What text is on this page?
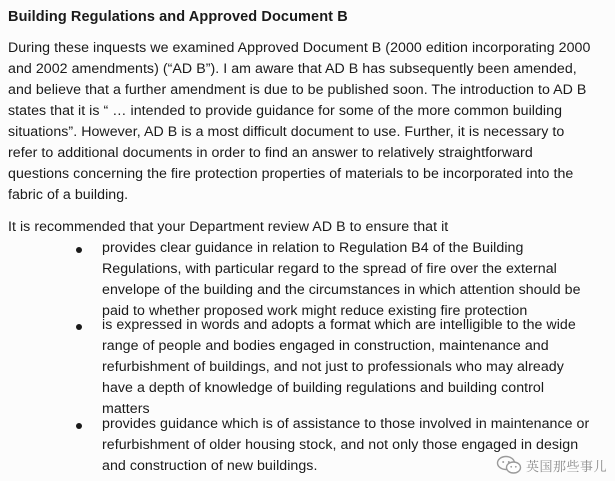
Building Regulations and Approved Document B
During these inquests we examined Approved Document B (2000 edition incorporating 2000
and 2002 amendments) (“AD B”). I am aware that AD B has subsequently been amended,
and believe that a further amendment is due to be published soon. The introduction to AD B
states that it is “ … intended to provide guidance for some of the more common building
situations”. However, AD B is a most difficult document to use. Further, it is necessary to
refer to additional documents in order to find an answer to relatively straightforward
questions concerning the fire protection properties of materials to be incorporated into the
fabric of a building.
It is recommended that your Department review AD B to ensure that it
provides clear guidance in relation to Regulation B4 of the Building
Regulations, with particular regard to the spread of fire over the external
envelope of the building and the circumstances in which attention should be
paid to whether proposed work might reduce existing fire protection
is expressed in words and adopts a format which are intelligible to the wide
range of people and bodies engaged in construction, maintenance and
refurbishment of buildings, and not just to professionals who may already
have a depth of knowledge of building regulations and building control
matters
provides guidance which is of assistance to those involved in maintenance or
refurbishment of older housing stock, and not only those engaged in design
and construction of new buildings.	英国那些事儿
